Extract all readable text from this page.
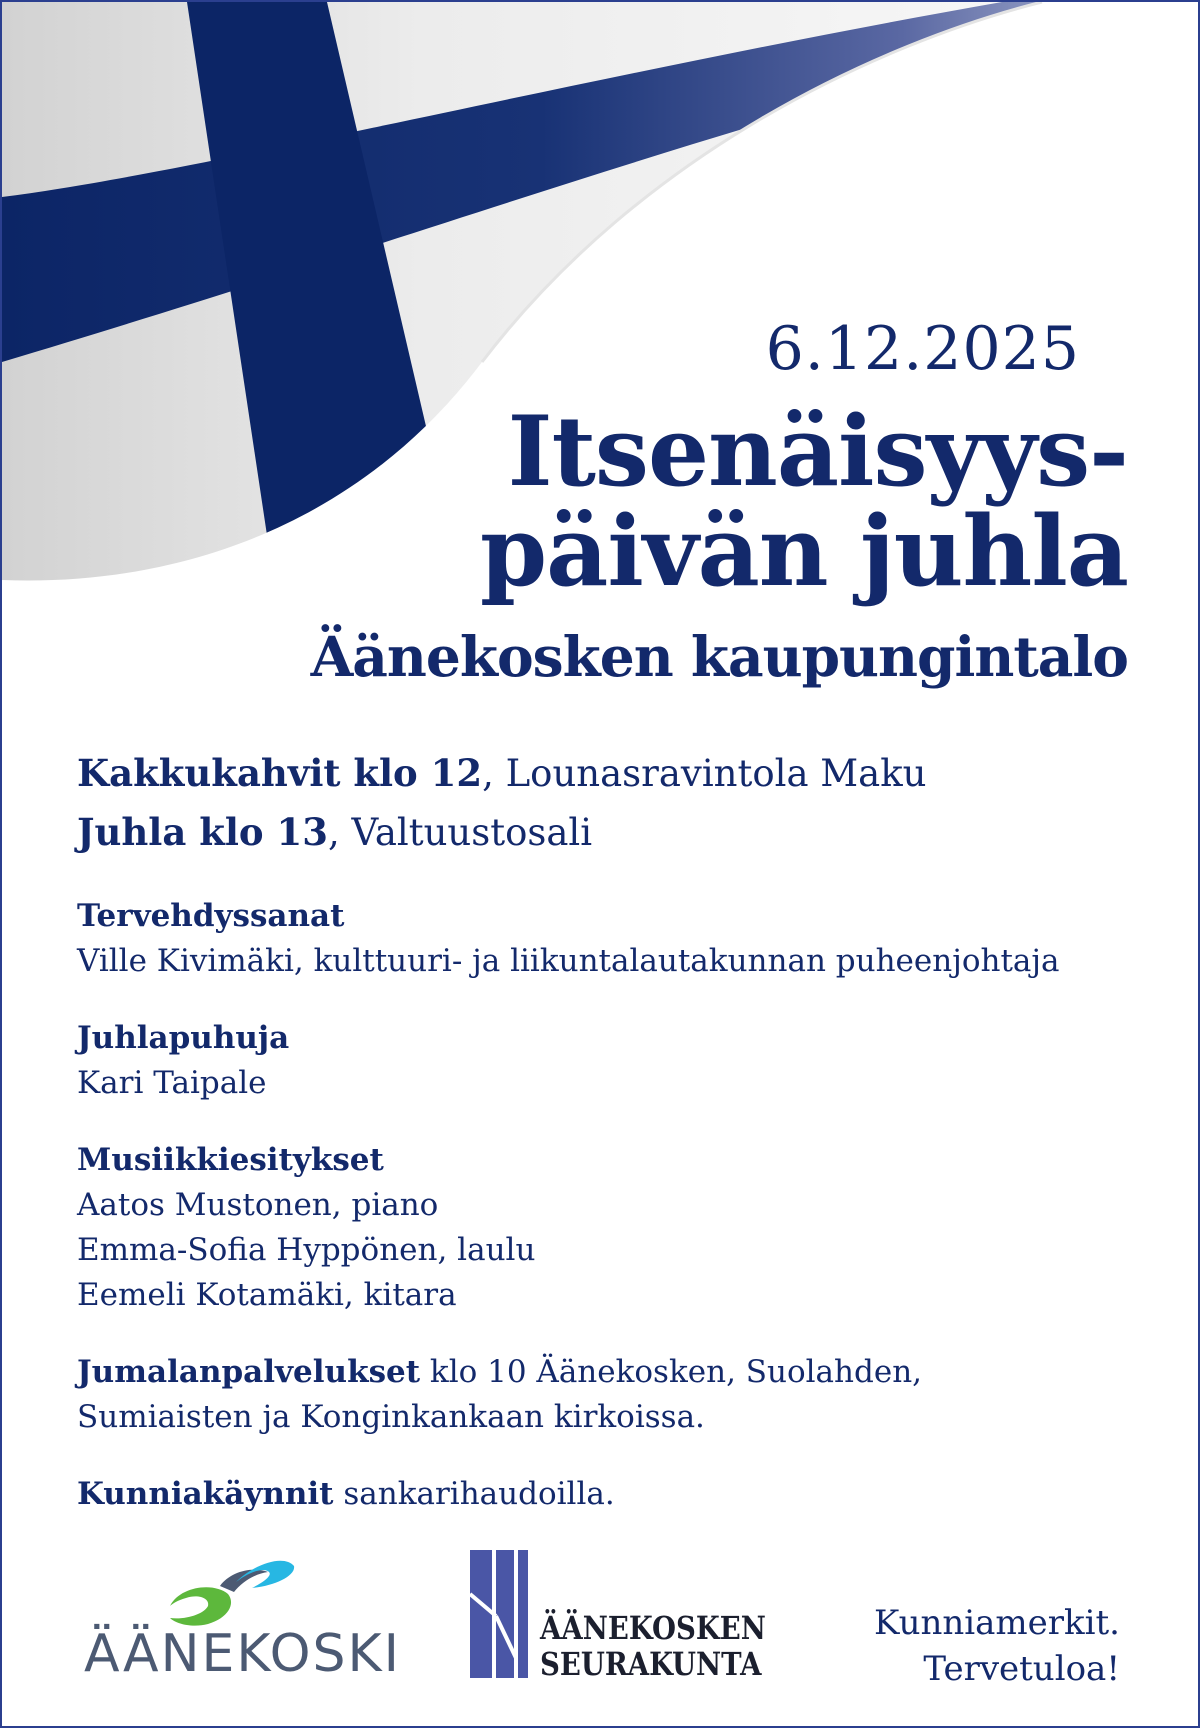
6.12.2025
Itsenäisyys-
päivän juhla
Äänekosken kaupungintalo
Kakkukahvit klo 12, Lounasravintola Maku
Juhla klo 13, Valtuustosali
Tervehdyssanat
Ville Kivimäki, kulttuuri- ja liikuntalautakunnan puheenjohtaja
Juhlapuhuja
Kari Taipale
Musiikkiesitykset
Aatos Mustonen, piano
Emma-Sofia Hyppönen, laulu
Eemeli Kotamäki, kitara
Jumalanpalvelukset klo 10 Äänekosken, Suolahden,
Sumiaisten ja Konginkankaan kirkoissa.
Kunniakäynnit sankarihaudoilla.
ÄÄNEKOSKI	ÄÄNEKOSKEN
SEURAKUNTA
Kunniamerkit.
Tervetuloa!
